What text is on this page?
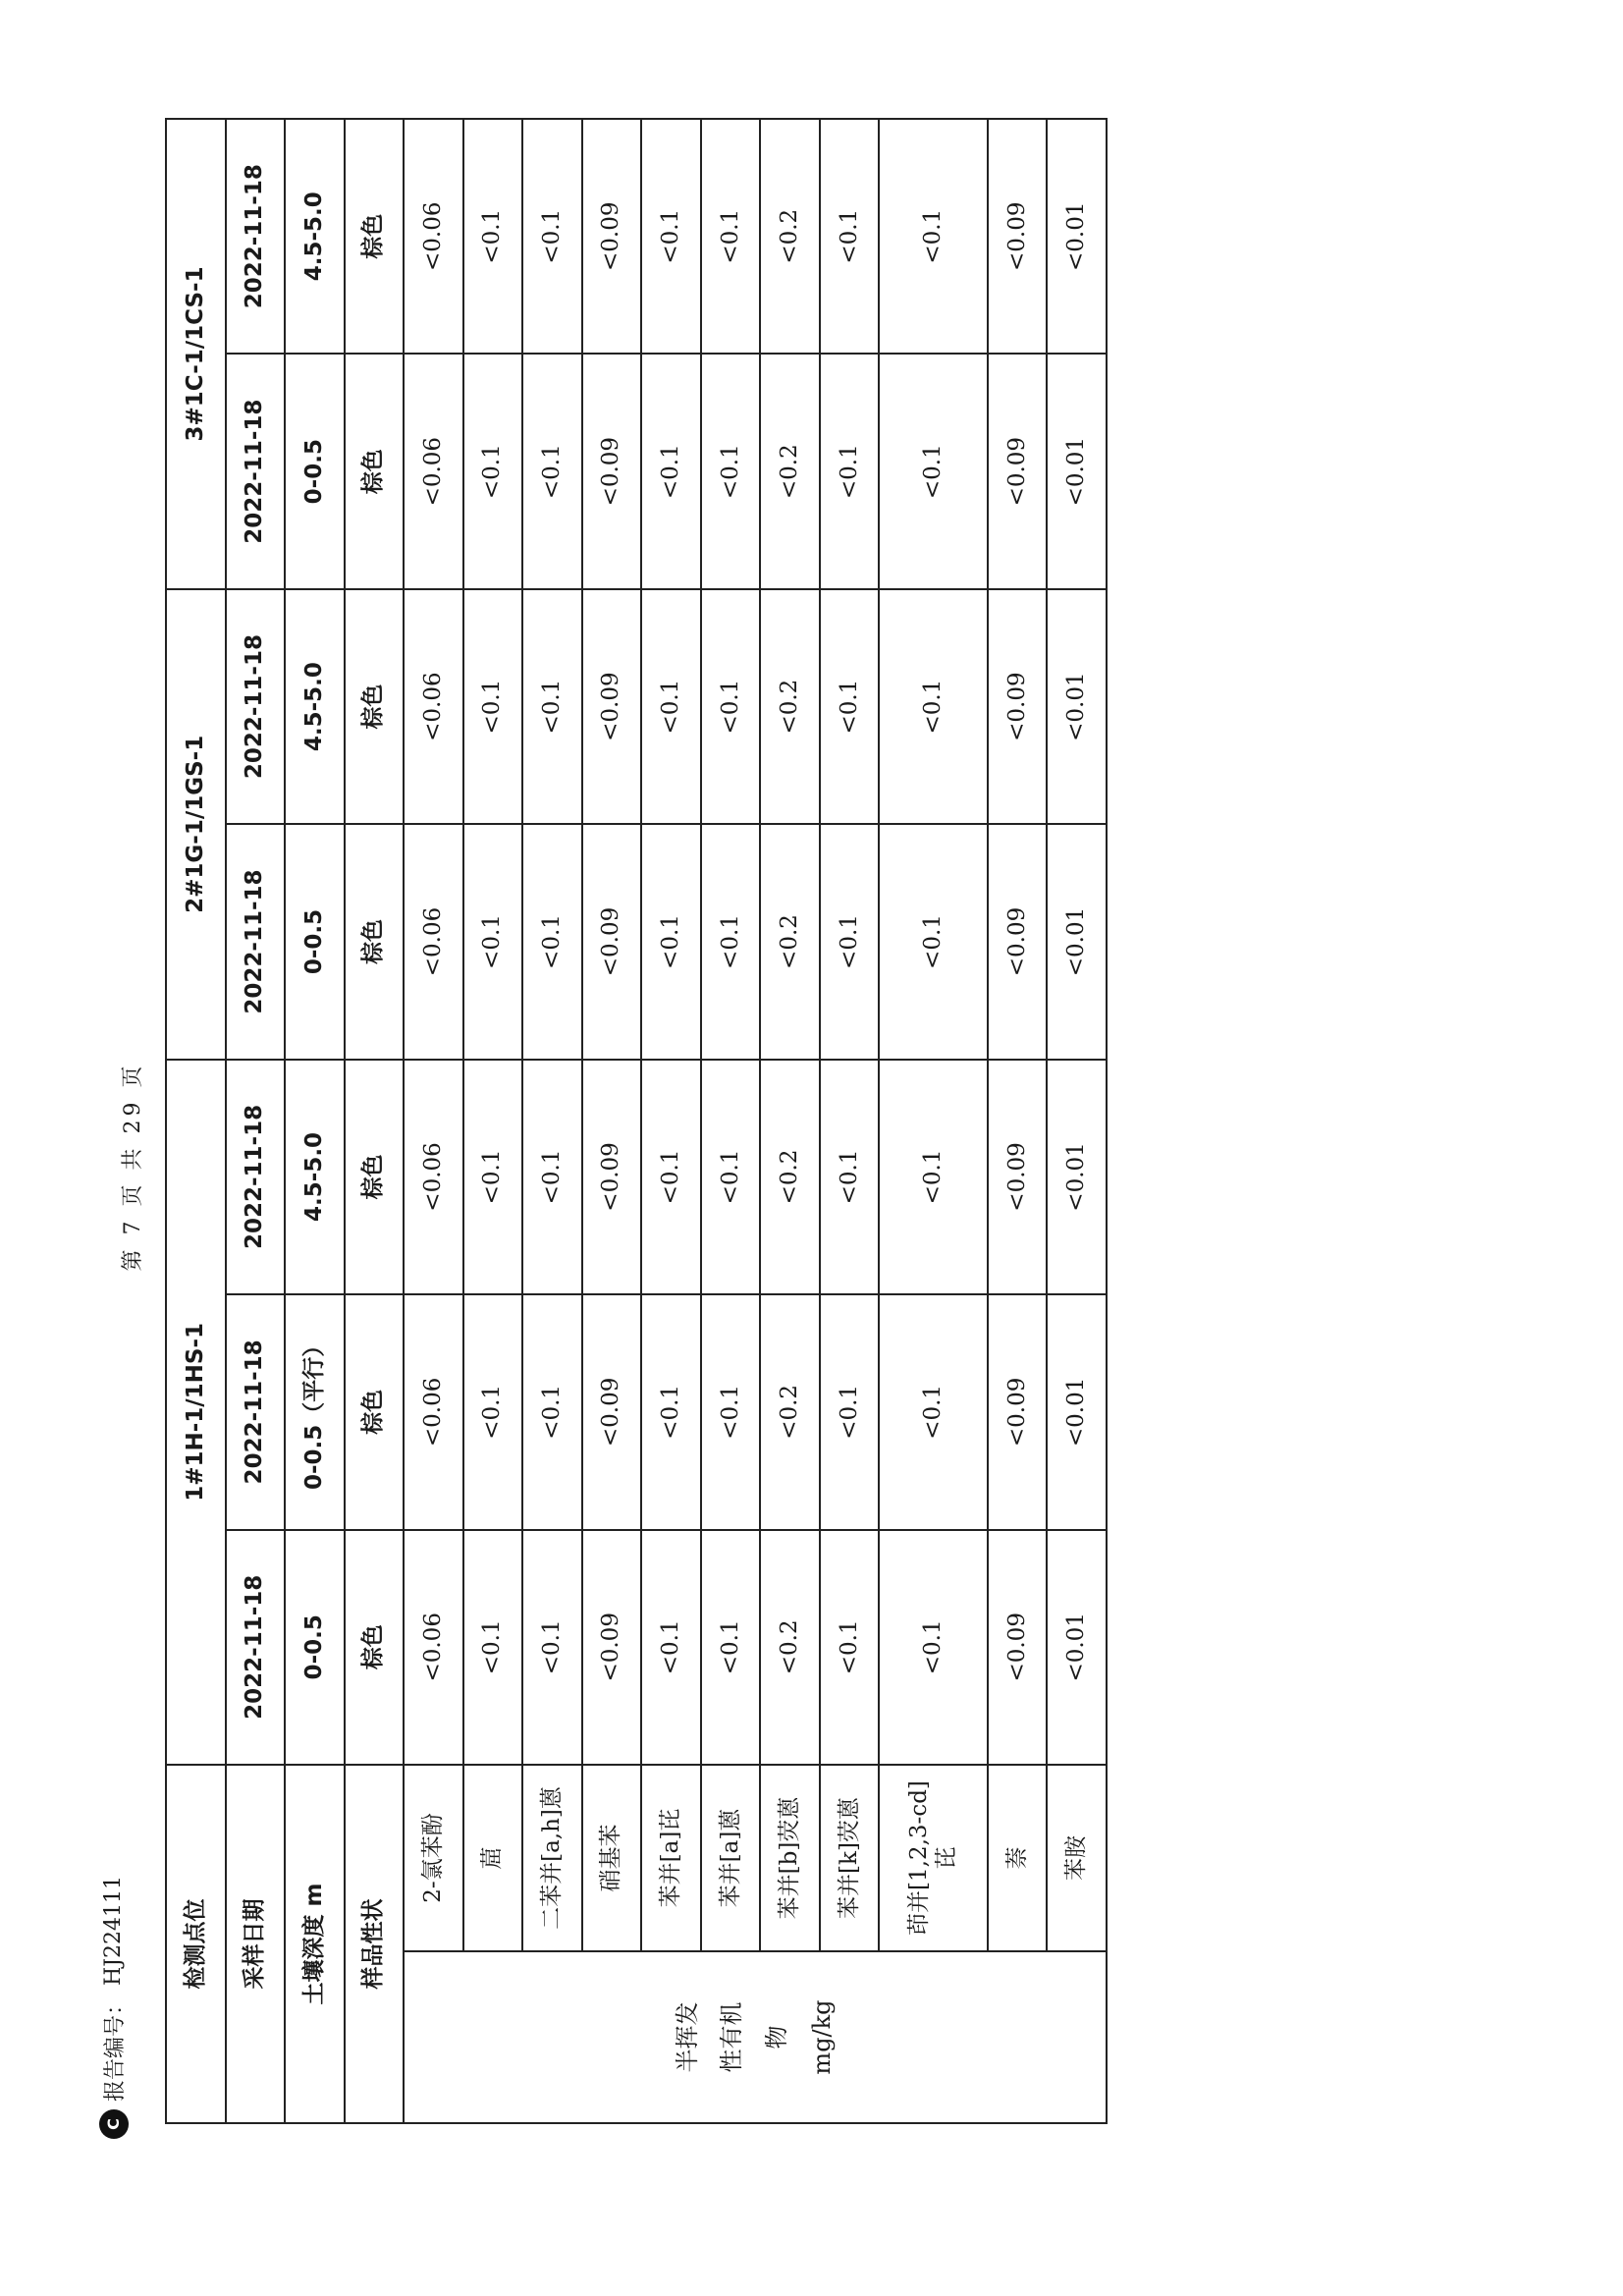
C
报告编号：
HJ224111	检测点位		1#1H-1/1HS-1			2#1G-1/1GS-1		3#1C-1/1CS-1	
采样日期		2022-11-18	2022-11-18	2022-11-18	2022-11-18	2022-11-18	2022-11-18	2022-11-18
土壤深度 m		0-0.5	0-0.5（平行）	4.5-5.0	0-0.5	4.5-5.0	0-0.5	4.5-5.0
样品性状		棕色	棕色	棕色	棕色	棕色	棕色	棕色

半挥发 性有机 物 mg/kg	2-氯苯酚	<0.06	<0.06	<0.06	<0.06	<0.06	<0.06	<0.06
	䓛	<0.1	<0.1	<0.1	<0.1	<0.1	<0.1	<0.1
	二苯并[a,h]蒽	<0.1	<0.1	<0.1	<0.1	<0.1	<0.1	<0.1
	硝基苯	<0.09	<0.09	<0.09	<0.09	<0.09	<0.09	<0.09
	苯并[a]芘	<0.1	<0.1	<0.1	<0.1	<0.1	<0.1	<0.1
	苯并[a]蒽	<0.1	<0.1	<0.1	<0.1	<0.1	<0.1	<0.1
	苯并[b]荧蒽	<0.2	<0.2	<0.2	<0.2	<0.2	<0.2	<0.2
	苯并[k]荧蒽	<0.1	<0.1	<0.1	<0.1	<0.1	<0.1	<0.1
	茚并[1,2,3-cd]芘	<0.1	<0.1	<0.1	<0.1	<0.1	<0.1	<0.1
	萘	<0.09	<0.09	<0.09	<0.09	<0.09	<0.09	<0.09
	苯胺	<0.01	<0.01	<0.01	<0.01	<0.01	<0.01	<0.01
第 7 页 共 29 页
